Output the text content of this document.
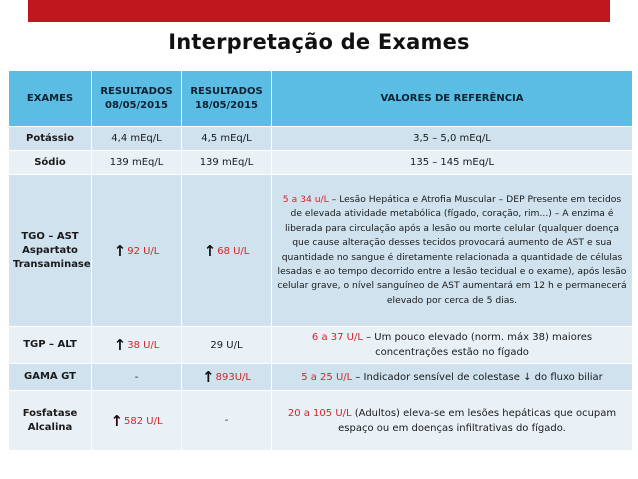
Interpretação de Exames
EXAMES	RESULTADOS 08/05/2015	RESULTADOS 18/05/2015	VALORES DE REFERÊNCIA
Potássio	4,4 mEq/L	4,5 mEq/L	3,5 – 5,0 mEq/L
Sódio	139 mEq/L	139 mEq/L	135 – 145 mEq/L
TGO – AST Aspartato Transaminase	↑92 U/L	↑68 U/L	5 a 34 u/L – Lesão Hepática e Atrofia Muscular – DEP Presente em tecidos de elevada atividade metabólica (fígado, coração, rim...) – A enzima é liberada para circulação após a lesão ou morte celular (qualquer doença que cause alteração desses tecidos provocará aumento de AST e sua quantidade no sangue é diretamente relacionada a quantidade de células lesadas e ao tempo decorrido entre a lesão tecidual e o exame), após lesão celular grave, o nível sanguíneo de AST aumentará em 12 h e permanecerá elevado por cerca de 5 dias.
TGP – ALT	↑38 U/L	29 U/L	6 a 37 U/L – Um pouco elevado (norm. máx 38) maiores concentrações estão no fígado
GAMA GT	-	↑893U/L	5 a 25 U/L – Indicador sensível de colestase ↓ do fluxo biliar
Fosfatase Alcalina	↑582 U/L	-	20 a 105 U/L (Adultos) eleva-se em lesões hepáticas que ocupam espaço ou em doenças infiltrativas do fígado.
